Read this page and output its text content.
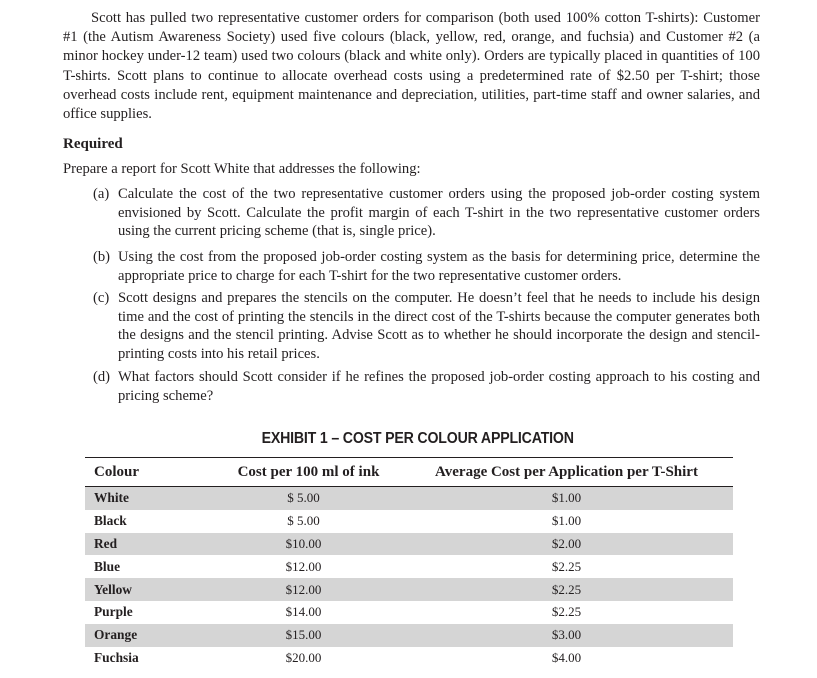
Scott has pulled two representative customer orders for comparison (both used 100% cotton T-shirts): Customer #1 (the Autism Awareness Society) used five colours (black, yellow, red, orange, and fuchsia) and Customer #2 (a minor hockey under-12 team) used two colours (black and white only). Orders are typically placed in quantities of 100 T-shirts. Scott plans to continue to allocate overhead costs using a predetermined rate of $2.50 per T-shirt; those overhead costs include rent, equipment maintenance and depreciation, utilities, part-time staff and owner salaries, and office supplies.

Required

Prepare a report for Scott White that addresses the following:

(a) Calculate the cost of the two representative customer orders using the proposed job-order costing system envisioned by Scott. Calculate the profit margin of each T-shirt in the two representative customer orders using the current pricing scheme (that is, single price).
(b) Using the cost from the proposed job-order costing system as the basis for determining price, determine the appropriate price to charge for each T-shirt for the two representative customer orders.
(c) Scott designs and prepares the stencils on the computer. He doesn’t feel that he needs to include his design time and the cost of printing the stencils in the direct cost of the T-shirts because the computer generates both the designs and the stencil printing. Advise Scott as to whether he should incorporate the design and stencil-printing costs into his retail prices.
(d) What factors should Scott consider if he refines the proposed job-order costing approach to his costing and pricing scheme?
EXHIBIT 1 – COST PER COLOUR APPLICATION
Colour	Cost per 100 ml of ink	Average Cost per Application per T-Shirt
White	$ 5.00	$1.00
Black	$ 5.00	$1.00
Red	$10.00	$2.00
Blue	$12.00	$2.25
Yellow	$12.00	$2.25
Purple	$14.00	$2.25
Orange	$15.00	$3.00
Fuchsia	$20.00	$4.00
